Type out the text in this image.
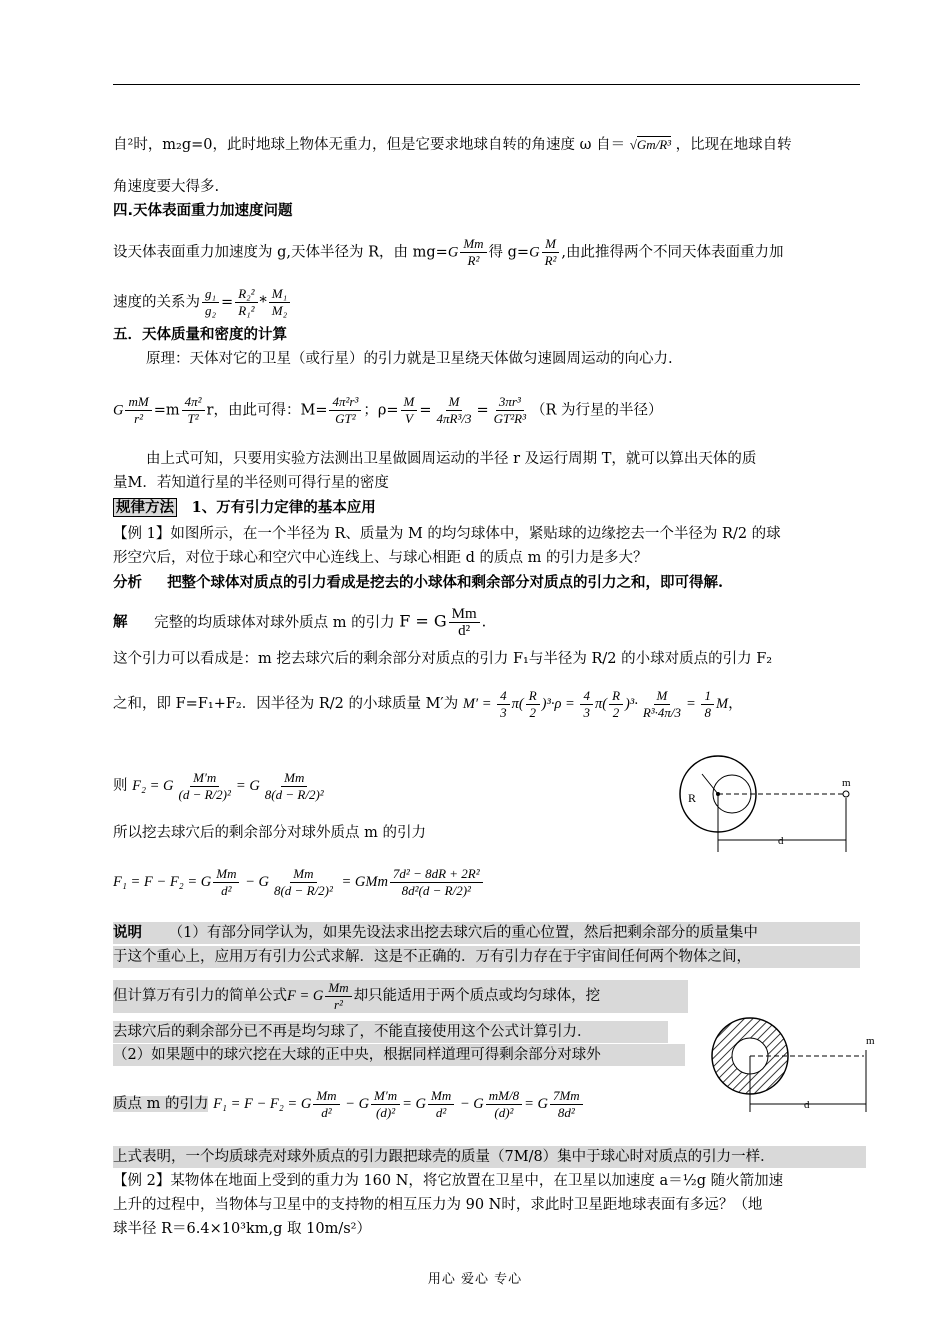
自²时，m₂g=0，此时地球上物体无重力，但是它要求地球自转的角速度 ω 自＝ √Gm/R³ ，比现在地球自转
角速度要大得多.
四.天体表面重力加速度问题
设天体表面重力加速度为 g,天体半径为 R，由 $mg=G \frac{Mm}{\text{R²}}$ 得 $g=G \frac{M}{\text{R²}}$ ,由此推得两个不同天体表面重力加
速度的关系为 $\frac{\text{g₁}}{\text{g₂}} = \frac{\text{R₂²}}{\text{R₁²}} * \frac{\text{M₁}}{\text{M₂}}$
五．天体质量和密度的计算
原理：天体对它的卫星（或行星）的引力就是卫星绕天体做匀速圆周运动的向心力.
G $\frac{mM}{\text{r²}} =m \frac{\text{4π²}}{\text{T²}}$ r，由此可得：$M= \frac{\text{4π²r³}}{\text{GT²}}$ ；$\rho= \frac{M}{V} = \frac{M}{\text{4πR³/3}} = \frac{\text{3πr³}}{\text{GT²R³}} (R$ 为行星的半径）
由上式可知，只要用实验方法测出卫星做圆周运动的半径 r 及运行周期 T，就可以算出天体的质
量M．若知道行星的半径则可得行星的密度
规律方法 1、万有引力定律的基本应用
【例 1】如图所示，在一个半径为 R、质量为 M 的均匀球体中，紧贴球的边缘挖去一个半径为 R/2 的球
形空穴后，对位于球心和空穴中心连线上、与球心相距 d 的质点 m 的引力是多大？
分析 把整个球体对质点的引力看成是挖去的小球体和剩余部分对质点的引力之和，即可得解.
解 完整的均质球体对球外质点 m 的引力 F = G $\frac{Mm}{\text{d²}}$ .
这个引力可以看成是：m 挖去球穴后的剩余部分对质点的引力 F₁与半径为 R/2 的小球对质点的引力 F₂
之和，即 F=F₁+F₂．因半径为 R/2 的小球质量 M′为 $M' = \frac{4}{3} \pi( \frac{R}{2} )^3\cdot\rho = \frac{4}{3} \pi( \frac{R}{2} )^3\cdot \frac{M}{\text{R³·4π/3}} = \frac{1}{8}$ M，
则 F₂ = G $\frac{M'm}{\text{(d − R/2)²}} = G \frac{Mm}{\text{8(d − R/2)²}}$
所以挖去球穴后的剩余部分对球外质点 m 的引力
F₁ = F − F₂ = G $\frac{Mm}{\text{d²}} - G \frac{Mm}{\text{8(d − R/2)²}}$ = GMm $\frac{\text{7d² − 8dR + 2R²}}{\text{8d²(d − R/2)²}}$
说明 （1）有部分同学认为，如果先设法求出挖去球穴后的重心位置，然后把剩余部分的质量集中
于这个重心上，应用万有引力公式求解．这是不正确的．万有引力存在于宇宙间任何两个物体之间，
但计算万有引力的简单公式F = G $\frac{Mm}{\text{r²}}$ 却只能适用于两个质点或均匀球体，挖
去球穴后的剩余部分已不再是均匀球了，不能直接使用这个公式计算引力．
（2）如果题中的球穴挖在大球的正中央，根据同样道理可得剩余部分对球外
质点 m 的引力 F₁ = F − F₂ = G $\frac{Mm}{\text{d²}} - G \frac{M'm}{\text{(d)²}} = G \frac{Mm}{\text{d²}} - G \frac{mM/8}{\text{(d)²}} = G \frac{7Mm}{\text{8d²}}$
上式表明，一个均质球壳对球外质点的引力跟把球壳的质量（7M/8）集中于球心时对质点的引力一样．
【例 2】某物体在地面上受到的重力为 160 N，将它放置在卫星中，在卫星以加速度 a＝½g 随火箭加速
上升的过程中，当物体与卫星中的支持物的相互压力为 90 N时，求此时卫星距地球表面有多远？（地
球半径 R＝6.4×10³km,g 取 10m/s²）
R
m
d
m
d
用心 爱心 专心
